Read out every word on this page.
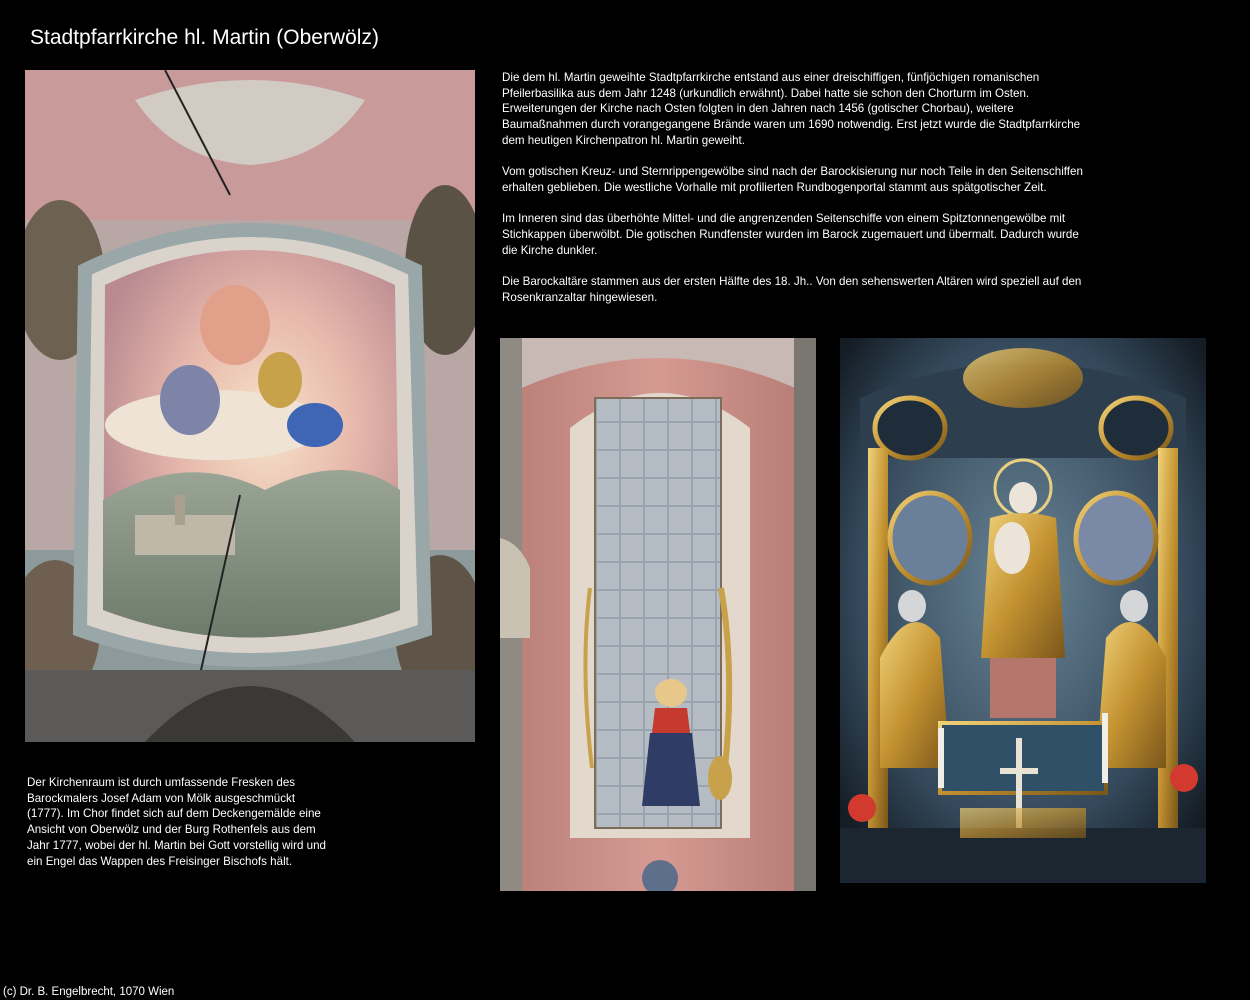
Stadtpfarrkirche hl. Martin (Oberwölz)

Die dem hl. Martin geweihte Stadtpfarrkirche entstand aus einer dreischiffigen, fünfjöchigen romanischen Pfeilerbasilika aus dem Jahr 1248 (urkundlich erwähnt). Dabei hatte sie schon den Chorturm im Osten. Erweiterungen der Kirche nach Osten folgten in den Jahren nach 1456 (gotischer Chorbau), weitere Baumaßnahmen durch vorangegangene Brände waren um 1690 notwendig. Erst jetzt wurde die Stadtpfarrkirche dem heutigen Kirchenpatron hl. Martin geweiht.

Vom gotischen Kreuz- und Sternrippengewölbe sind nach der Barockisierung nur noch Teile in den Seitenschiffen erhalten geblieben. Die westliche Vorhalle mit profilierten Rundbogenportal stammt aus spätgotischer Zeit.

Im Inneren sind das überhöhte Mittel- und die angrenzenden Seitenschiffe von einem Spitztonnengewölbe mit Stichkappen überwölbt. Die gotischen Rundfenster wurden im Barock zugemauert und übermalt. Dadurch wurde die Kirche dunkler.

Die Barockaltäre stammen aus der ersten Hälfte des 18. Jh.. Von den sehenswerten Altären wird speziell auf den Rosenkranzaltar hingewiesen.

Der Kirchenraum ist durch umfassende Fresken des Barockmalers Josef Adam von Mölk ausgeschmückt (1777). Im Chor findet sich auf dem Deckengemälde eine Ansicht von Oberwölz und der Burg Rothenfels aus dem Jahr 1777, wobei der hl. Martin bei Gott vorstellig wird und ein Engel das Wappen des Freisinger Bischofs hält.

(c) Dr. B. Engelbrecht, 1070 Wien
